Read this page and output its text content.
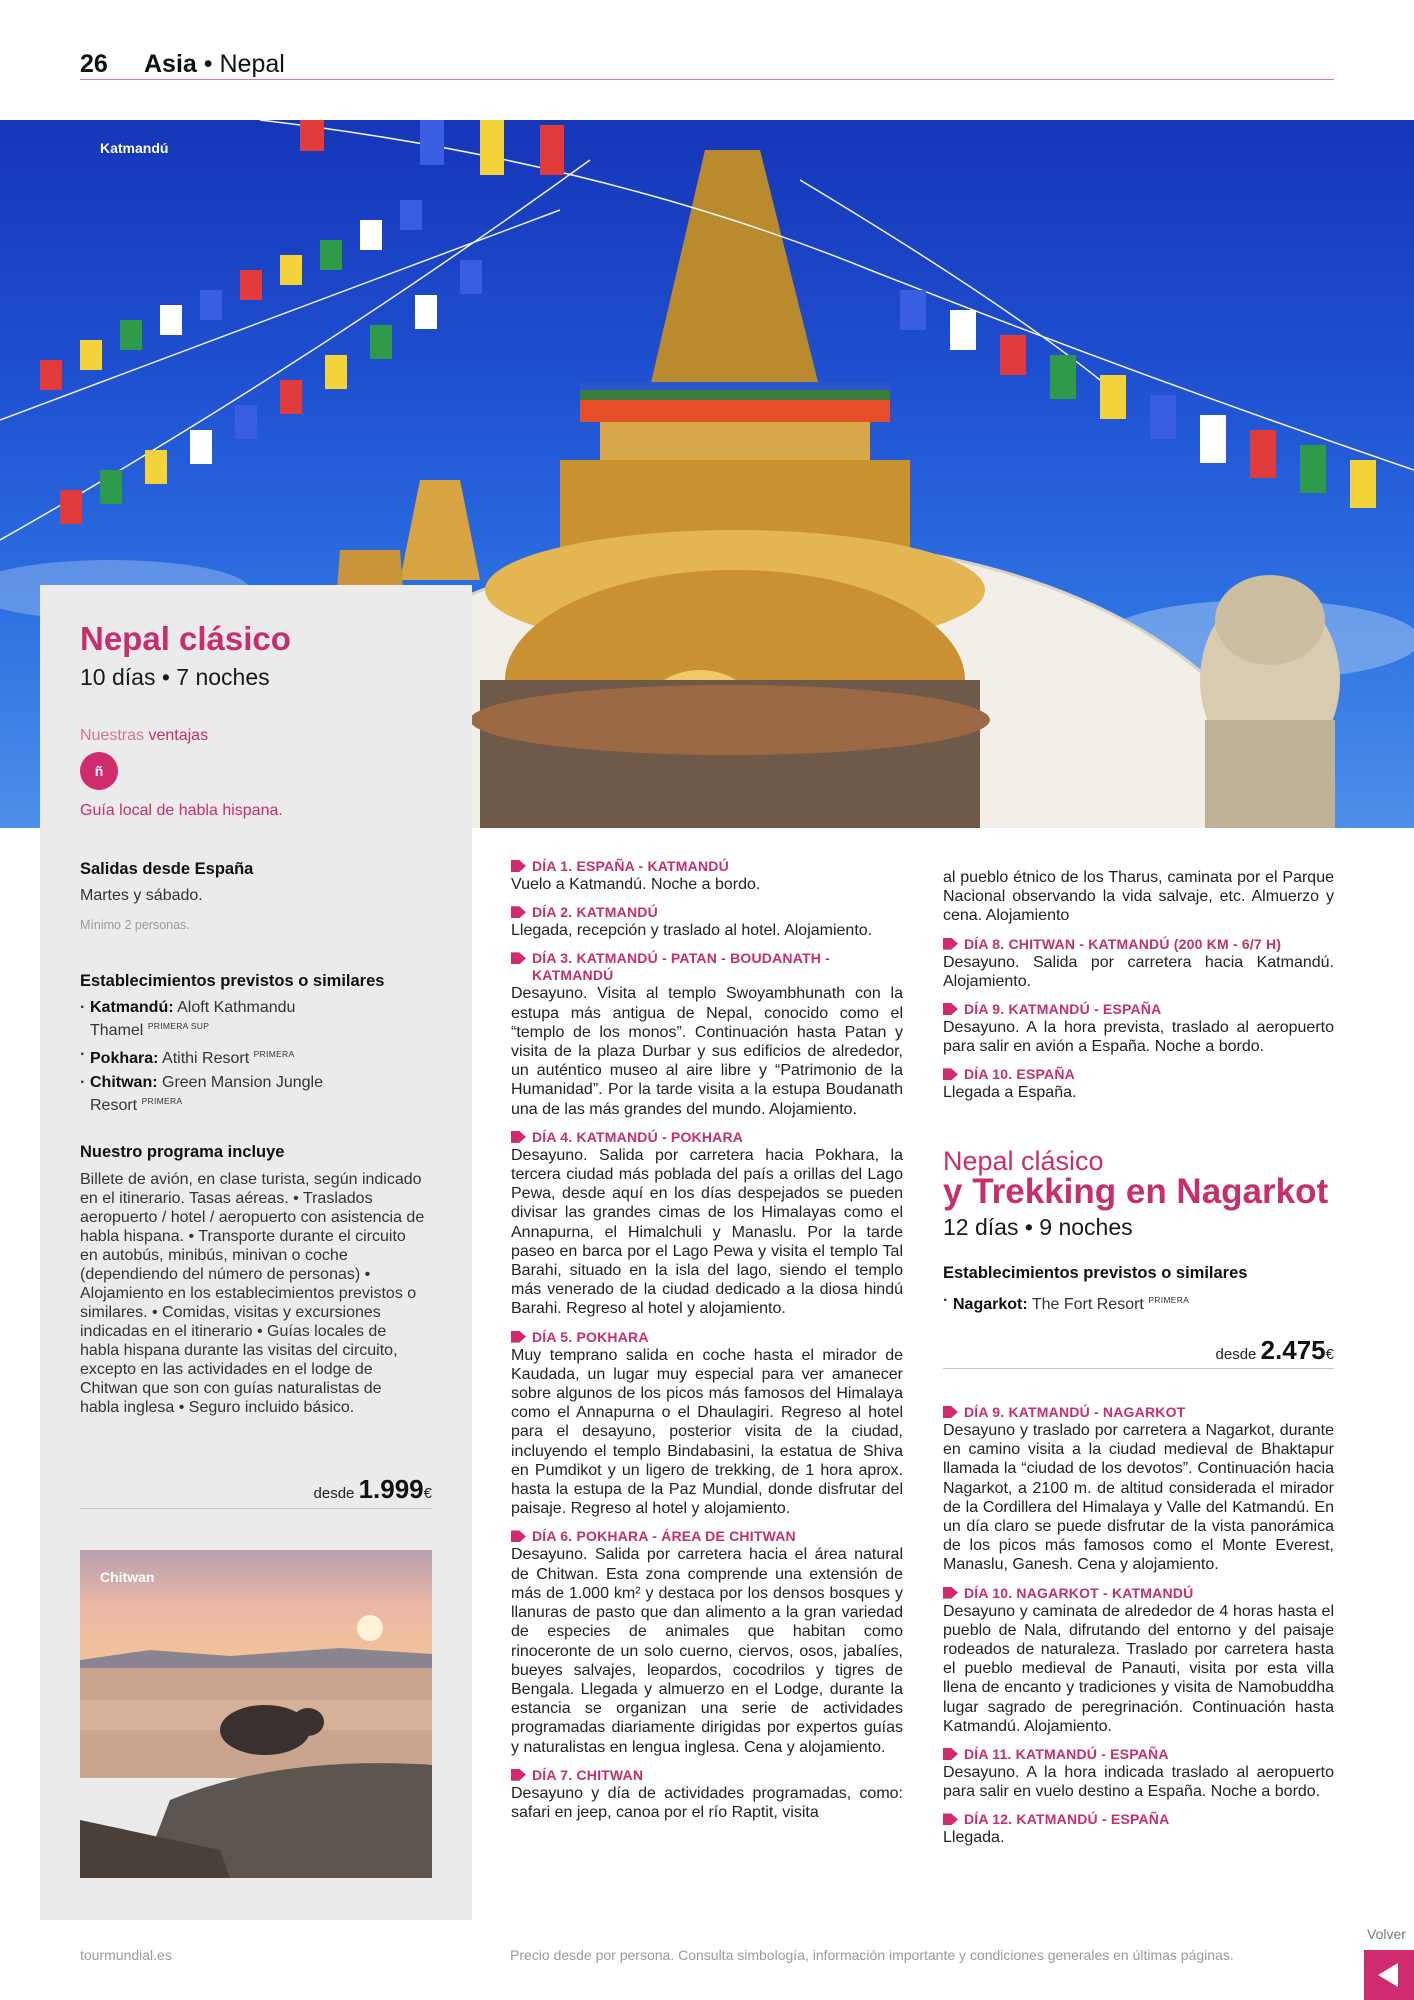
26 Asia • Nepal
Katmandú
Nepal clásico
10 días • 7 noches
Nuestras ventajas
ñ
Guía local de habla hispana.
Salidas desde España
Martes y sábado.
Mínimo 2 personas.
Establecimientos previstos o similares
· Katmandú: Aloft Kathmandu
Thamel $^{PRIMERA SUP}$
· Pokhara: Atithi Resort $^{PRIMERA}$
· Chitwan: Green Mansion Jungle
Resort $^{PRIMERA}$
Nuestro programa incluye
Billete de avión, en clase turista, según indicado en el itinerario. Tasas aéreas. • Traslados aeropuerto / hotel / aeropuerto con asistencia de habla hispana. • Transporte durante el circuito en autobús, minibús, minivan o coche (dependiendo del número de personas) • Alojamiento en los establecimientos previstos o similares. • Comidas, visitas y excursiones indicadas en el itinerario • Guías locales de habla hispana durante las visitas del circuito, excepto en las actividades en el lodge de Chitwan que son con guías naturalistas de habla inglesa • Seguro incluido básico.
desde 1.999€
Chitwan
DÍA 1. ESPAÑA - KATMANDÚ
Vuelo a Katmandú. Noche a bordo.
DÍA 2. KATMANDÚ
Llegada, recepción y traslado al hotel. Alojamiento.
DÍA 3. KATMANDÚ - PATAN - BOUDANATH - KATMANDÚ
Desayuno. Visita al templo Swoyambhunath con la estupa más antigua de Nepal, conocido como el “templo de los monos”. Continuación hasta Patan y visita de la plaza Durbar y sus edificios de alrededor, un auténtico museo al aire libre y “Patrimonio de la Humanidad”. Por la tarde visita a la estupa Boudanath una de las más grandes del mundo. Alojamiento.
DÍA 4. KATMANDÚ - POKHARA
Desayuno. Salida por carretera hacia Pokhara, la tercera ciudad más poblada del país a orillas del Lago Pewa, desde aquí en los días despejados se pueden divisar las grandes cimas de los Himalayas como el Annapurna, el Himalchuli y Manaslu. Por la tarde paseo en barca por el Lago Pewa y visita el templo Tal Barahi, situado en la isla del lago, siendo el templo más venerado de la ciudad dedicado a la diosa hindú Barahi. Regreso al hotel y alojamiento.
DÍA 5. POKHARA
Muy temprano salida en coche hasta el mirador de Kaudada, un lugar muy especial para ver amanecer sobre algunos de los picos más famosos del Himalaya como el Annapurna o el Dhaulagiri. Regreso al hotel para el desayuno, posterior visita de la ciudad, incluyendo el templo Bindabasini, la estatua de Shiva en Pumdikot y un ligero de trekking, de 1 hora aprox. hasta la estupa de la Paz Mundial, donde disfrutar del paisaje. Regreso al hotel y alojamiento.
DÍA 6. POKHARA - ÁREA DE CHITWAN
Desayuno. Salida por carretera hacia el área natural de Chitwan. Esta zona comprende una extensión de más de 1.000 km² y destaca por los densos bosques y llanuras de pasto que dan alimento a la gran variedad de especies de animales que habitan como rinoceronte de un solo cuerno, ciervos, osos, jabalíes, bueyes salvajes, leopardos, cocodrilos y tigres de Bengala. Llegada y almuerzo en el Lodge, durante la estancia se organizan una serie de actividades programadas diariamente dirigidas por expertos guías y naturalistas en lengua inglesa. Cena y alojamiento.
DÍA 7. CHITWAN
Desayuno y día de actividades programadas, como: safari en jeep, canoa por el río Raptit, visita
al pueblo étnico de los Tharus, caminata por el Parque Nacional observando la vida salvaje, etc. Almuerzo y cena. Alojamiento
DÍA 8. CHITWAN - KATMANDÚ (200 KM - 6/7 H)
Desayuno. Salida por carretera hacia Katmandú. Alojamiento.
DÍA 9. KATMANDÚ - ESPAÑA
Desayuno. A la hora prevista, traslado al aeropuerto para salir en avión a España. Noche a bordo.
DÍA 10. ESPAÑA
Llegada a España.
Nepal clásico
y Trekking en Nagarkot
12 días • 9 noches
Establecimientos previstos o similares
· Nagarkot: The Fort Resort $^{PRIMERA}$
desde 2.475€
DÍA 9. KATMANDÚ - NAGARKOT
Desayuno y traslado por carretera a Nagarkot, durante en camino visita a la ciudad medieval de Bhaktapur llamada la “ciudad de los devotos”. Continuación hacia Nagarkot, a 2100 m. de altitud considerada el mirador de la Cordillera del Himalaya y Valle del Katmandú. En un día claro se puede disfrutar de la vista panorámica de los picos más famosos como el Monte Everest, Manaslu, Ganesh. Cena y alojamiento.
DÍA 10. NAGARKOT - KATMANDÚ
Desayuno y caminata de alrededor de 4 horas hasta el pueblo de Nala, difrutando del entorno y del paisaje rodeados de naturaleza. Traslado por carretera hasta el pueblo medieval de Panauti, visita por esta villa llena de encanto y tradiciones y visita de Namobuddha lugar sagrado de peregrinación. Continuación hasta Katmandú. Alojamiento.
DÍA 11. KATMANDÚ - ESPAÑA
Desayuno. A la hora indicada traslado al aeropuerto para salir en vuelo destino a España. Noche a bordo.
DÍA 12. KATMANDÚ - ESPAÑA
Llegada.
tourmundial.es	Precio desde por persona. Consulta simbología, información importante y condiciones generales en últimas páginas.
Volver
